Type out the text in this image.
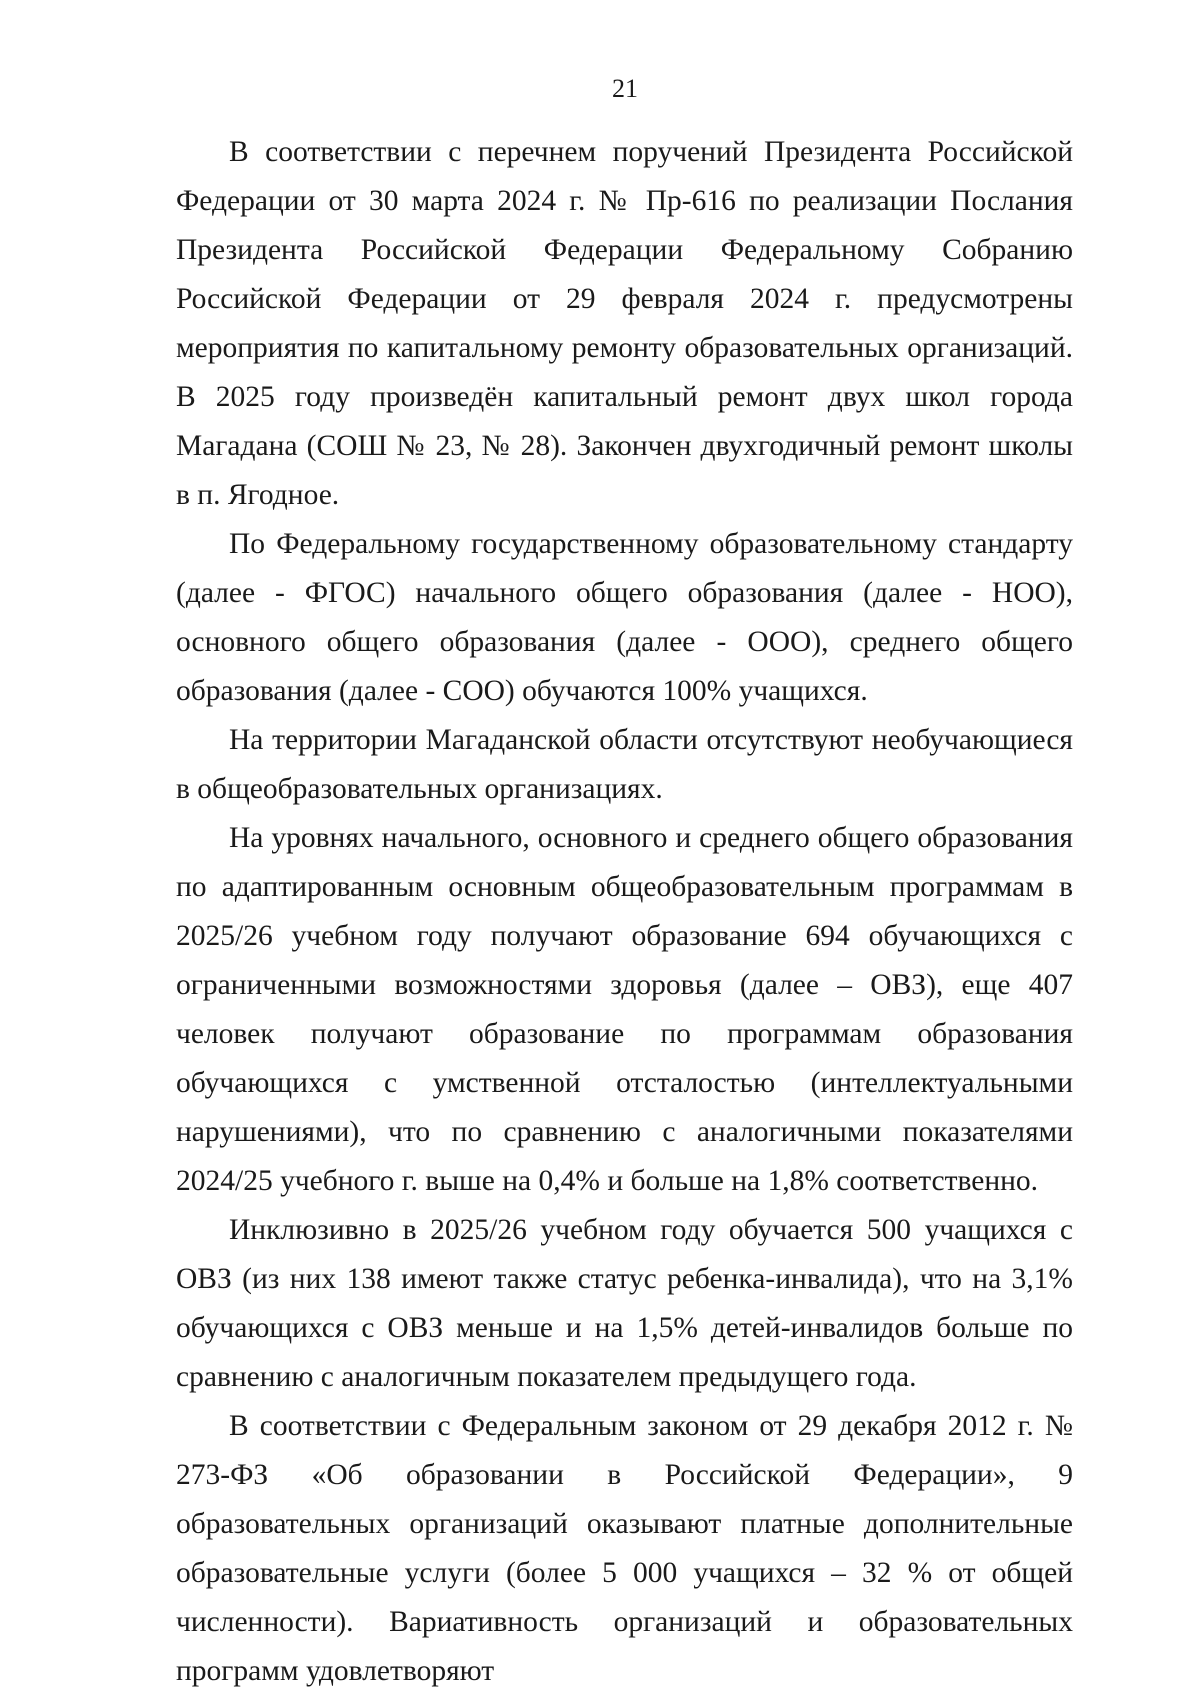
21

В соответствии с перечнем поручений Президента Российской Федерации от 30 марта 2024 г. № Пр-616 по реализации Послания Президента Российской Федерации Федеральному Собранию Российской Федерации от 29 февраля 2024 г. предусмотрены мероприятия по капитальному ремонту образовательных организаций. В 2025 году произведён капитальный ремонт двух школ города Магадана (СОШ № 23, № 28). Закончен двухгодичный ремонт школы в п. Ягодное.

По Федеральному государственному образовательному стандарту (далее - ФГОС) начального общего образования (далее - НОО), основного общего образования (далее - ООО), среднего общего образования (далее - СОО) обучаются 100% учащихся.

На территории Магаданской области отсутствуют необучающиеся в общеобразовательных организациях.

На уровнях начального, основного и среднего общего образования по адаптированным основным общеобразовательным программам в 2025/26 учебном году получают образование 694 обучающихся с ограниченными возможностями здоровья (далее – ОВЗ), еще 407 человек получают образование по программам образования обучающихся с умственной отсталостью (интеллектуальными нарушениями), что по сравнению с аналогичными показателями 2024/25 учебного г. выше на 0,4% и больше на 1,8% соответственно.

Инклюзивно в 2025/26 учебном году обучается 500 учащихся с ОВЗ (из них 138 имеют также статус ребенка-инвалида), что на 3,1% обучающихся с ОВЗ меньше и на 1,5% детей-инвалидов больше по сравнению с аналогичным показателем предыдущего года.

В соответствии с Федеральным законом от 29 декабря 2012 г. № 273-ФЗ «Об образовании в Российской Федерации», 9 образовательных организаций оказывают платные дополнительные образовательные услуги (более 5 000 учащихся – 32 % от общей численности). Вариативность организаций и образовательных программ удовлетворяют
